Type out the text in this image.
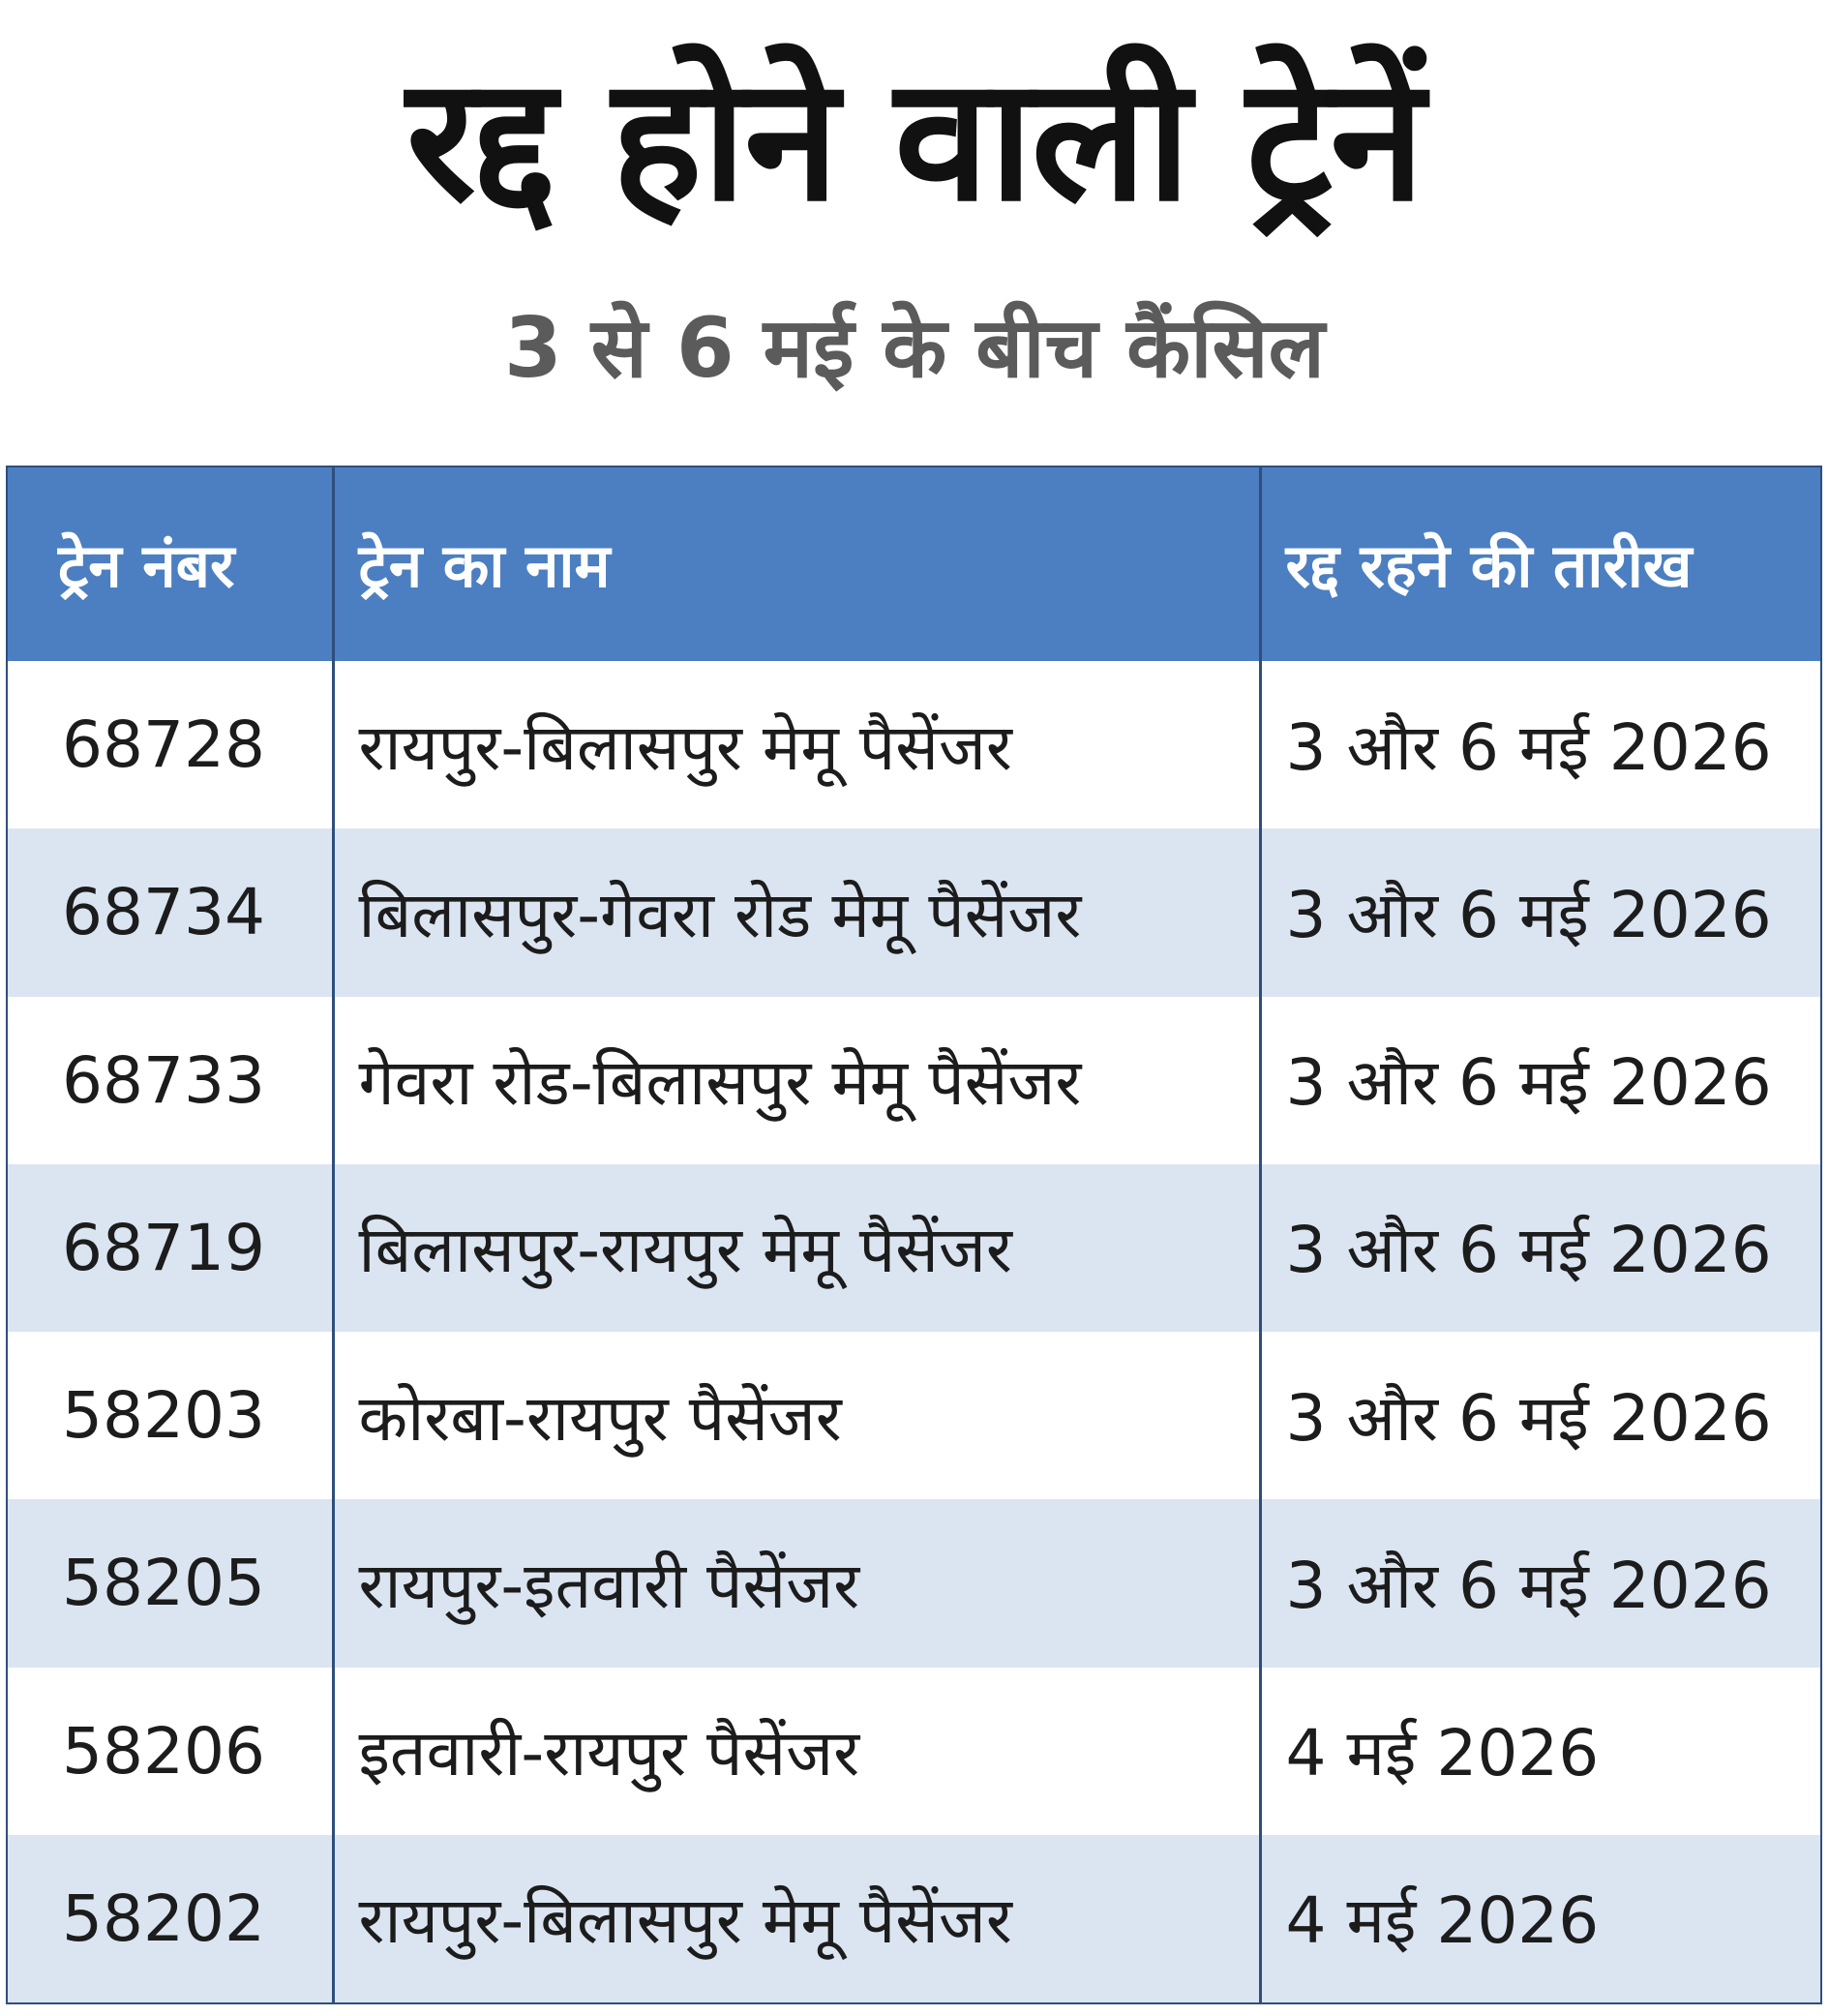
रद्द होने वाली ट्रेनें
3 से 6 मई के बीच कैंसिल
ट्रेन नंबर	ट्रेन का नाम	रद्द रहने की तारीख
68728	रायपुर-बिलासपुर मेमू पैसेंजर	3 और 6 मई 2026
68734	बिलासपुर-गेवरा रोड मेमू पैसेंजर	3 और 6 मई 2026
68733	गेवरा रोड-बिलासपुर मेमू पैसेंजर	3 और 6 मई 2026
68719	बिलासपुर-रायपुर मेमू पैसेंजर	3 और 6 मई 2026
58203	कोरबा-रायपुर पैसेंजर	3 और 6 मई 2026
58205	रायपुर-इतवारी पैसेंजर	3 और 6 मई 2026
58206	इतवारी-रायपुर पैसेंजर	4 मई 2026
58202	रायपुर-बिलासपुर मेमू पैसेंजर	4 मई 2026
